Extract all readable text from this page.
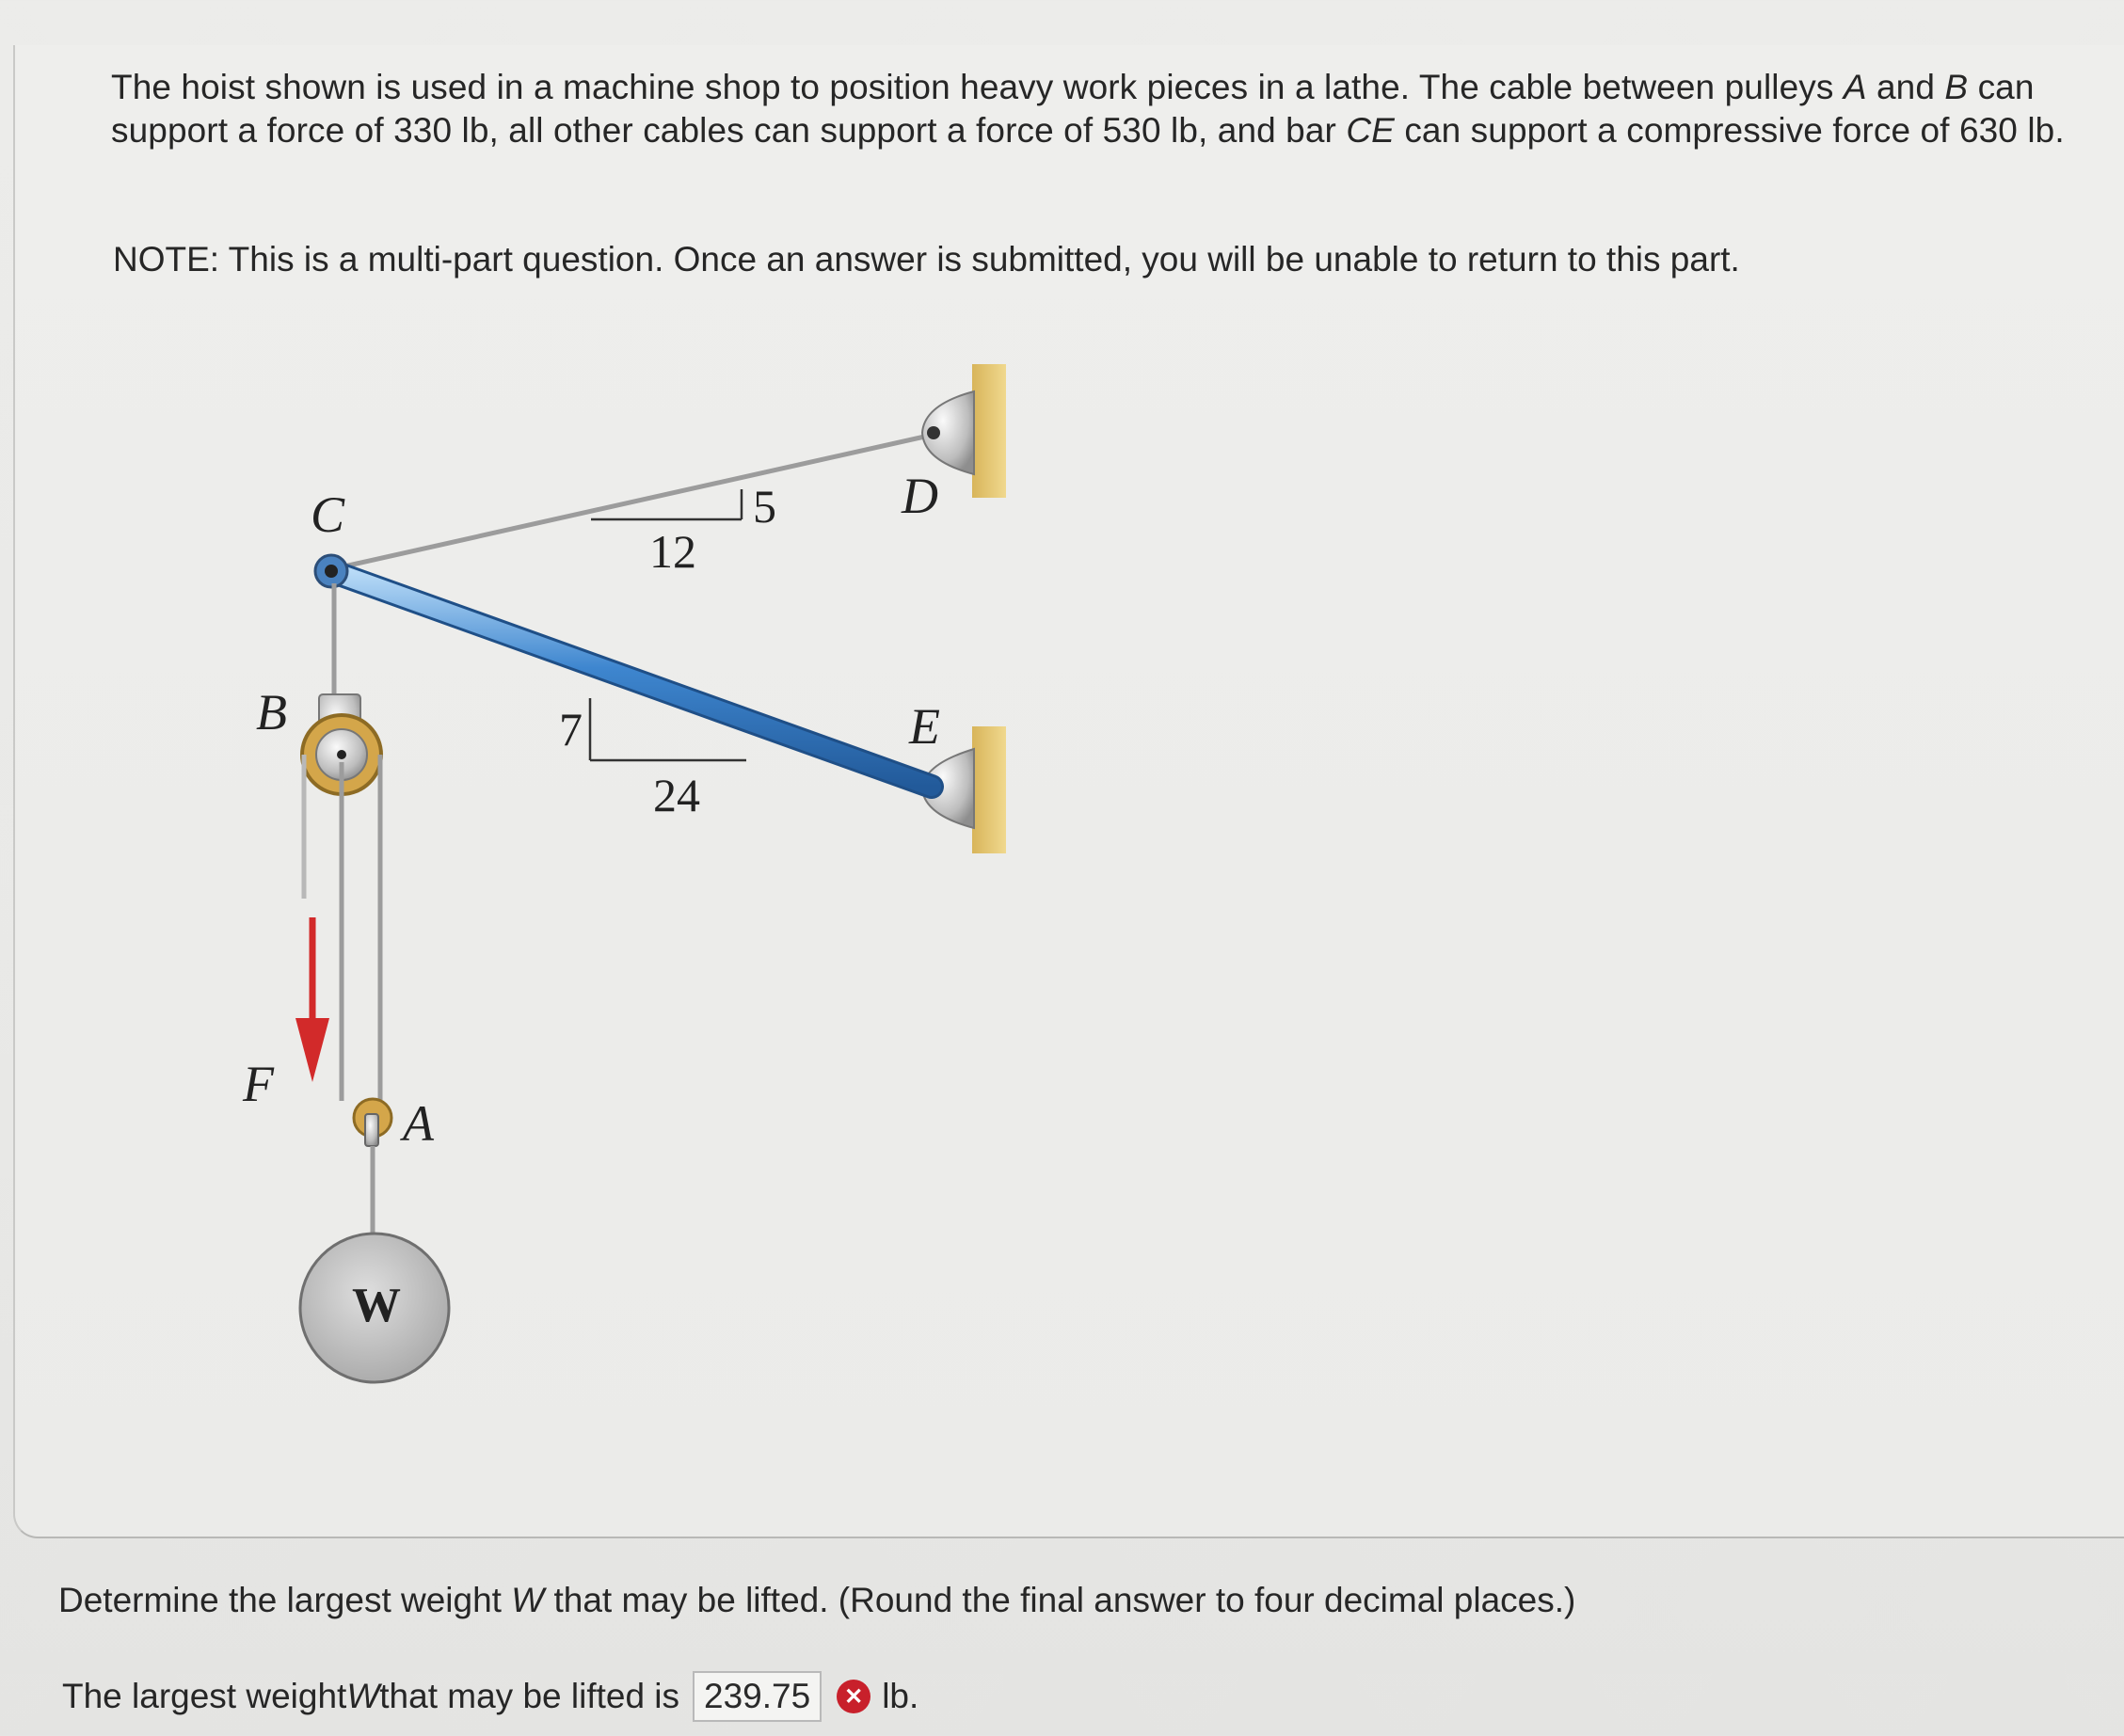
The hoist shown is used in a machine shop to position heavy work pieces in a lathe. The cable between pulleys A and B can support a force of 330 lb, all other cables can support a force of 530 lb, and bar CE can support a compressive force of 630 lb.

NOTE: This is a multi-part question. Once an answer is submitted, you will be unable to return to this part.

C	D
E
B
F
A
W
5
12
7
24

Determine the largest weight W that may be lifted. (Round the final answer to four decimal places.)

The largest weight W that may be lifted is 239.75	✕ lb.
